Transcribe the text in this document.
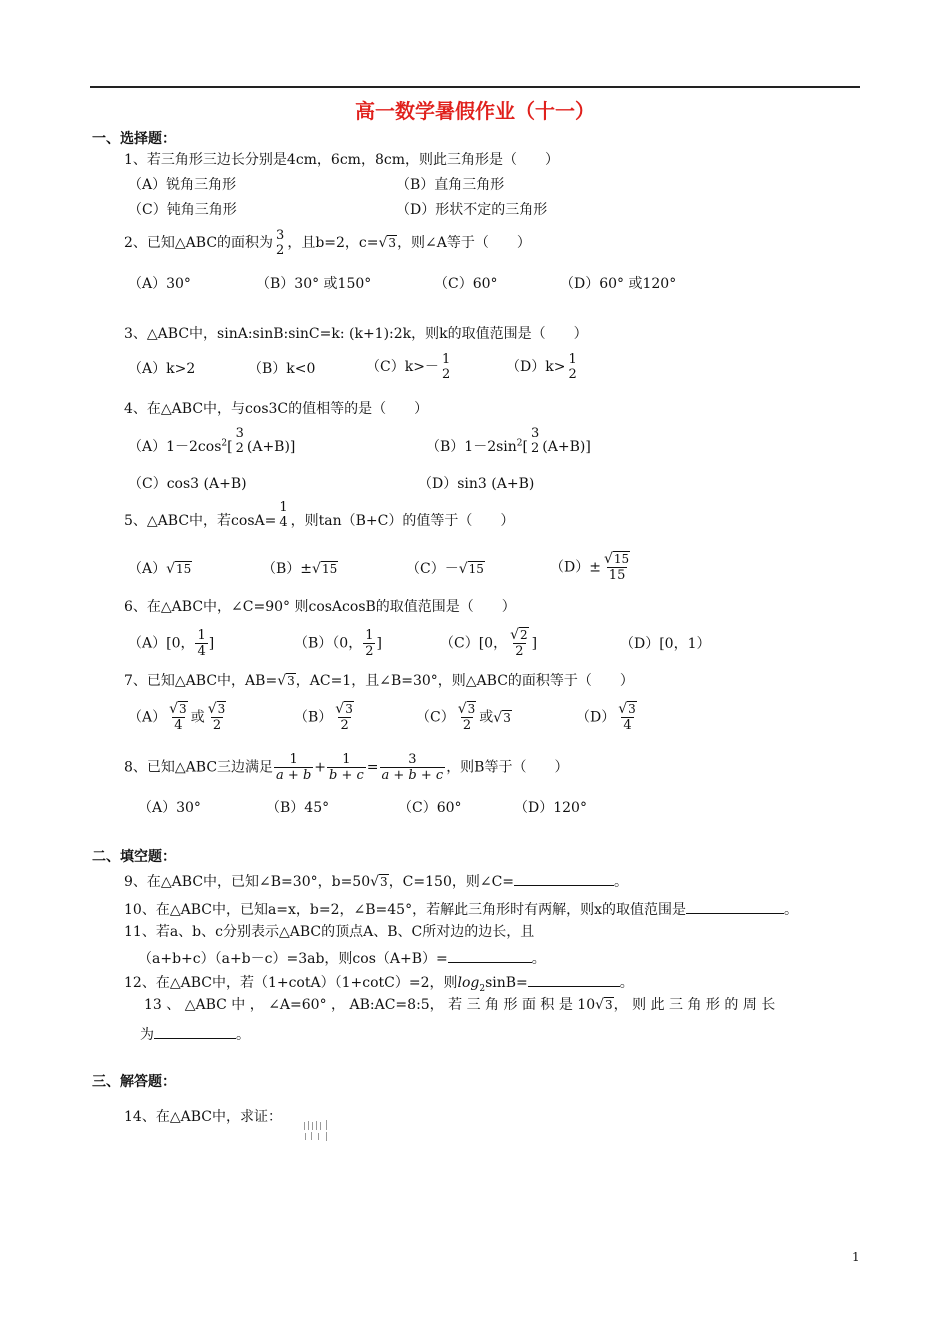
高一数学暑假作业（十一）
一、选择题：
1、若三角形三边长分别是4cm，6cm，8cm，则此三角形是（　　）
（A）锐角三角形	（B）直角三角形
（C）钝角三角形	（D）形状不定的三角形
2、已知△ABC的面积为 3
2 ，且b=2，c=√3，则∠A等于（　　）
（A）30°	（B）30° 或150°	（C）60°	（D）60° 或120°
3、△ABC中，sinA:sinB:sinC=k: (k+1):2k，则k的取值范围是（　　）
（A）k>2	（B）k<0	（C）k>－ 1
2	（D）k> 1
2
4、在△ABC中，与cos3C的值相等的是（　　）
$(A)1-2\cos^2$[
3
2 (A+B)]	$(B)1-2\sin^2$[
3
2 (A+B)]
（C）cos3 (A+B)	（D）sin3 (A+B)
5、△ABC中，若cosA=
1
4 ，则tan（B+C）的值等于（　　）
（A）√15	（B）±√15	（C）－√15	$(D)\pm \frac{√15}{15}$
6、在△ABC中，∠C=90° 则cosAcosB的取值范围是（　　）
（A）[0， $\frac{1}{4}$ ]	（B）（0， $\frac{1}{2}$ ]	（C）[0， $\frac{√2}{2}$ ]	（D）[0，1）
7、已知△ABC中，AB=√3，AC=1，且∠B=30°，则△ABC的面积等于（　　）
$(A) \frac{√3}{4}$ 或 $\frac{√3}{2}$	$(B) \frac{√3}{2}$	$(C) \frac{√3}{2}$ 或√3	$(D) \frac{√3}{4}$
8、已知△ABC三边满足 $\frac{1}{a + b} + \frac{1}{b + c} = \frac{3}{a + b + c}$ ，则B等于（　　）
（A）30°	（B）45°	（C）60°	（D）120°
二、填空题：
9、在△ABC中，已知∠B=30°，b=50√3，C=150，则∠C=	。
10、在△ABC中，已知a=x，b=2，∠B=45°，若解此三角形时有两解，则x的取值范围是	。
11、若a、b、c分别表示△ABC的顶点A、B、C所对边的边长，且
（a+b+c）（a+b－c）=3ab，则cos（A+B）=	。
12、在△ABC中，若（1+cotA）（1+cotC）=2，则$\log_2\sin B=$	。
13 、 △ABC 中 ， ∠A=60° ， AB:AC=8:5， 若 三 角 形 面 积 是 10√3， 则 此 三 角 形 的 周 长
为	。
三、解答题：
14、在△ABC中，求证：
1
